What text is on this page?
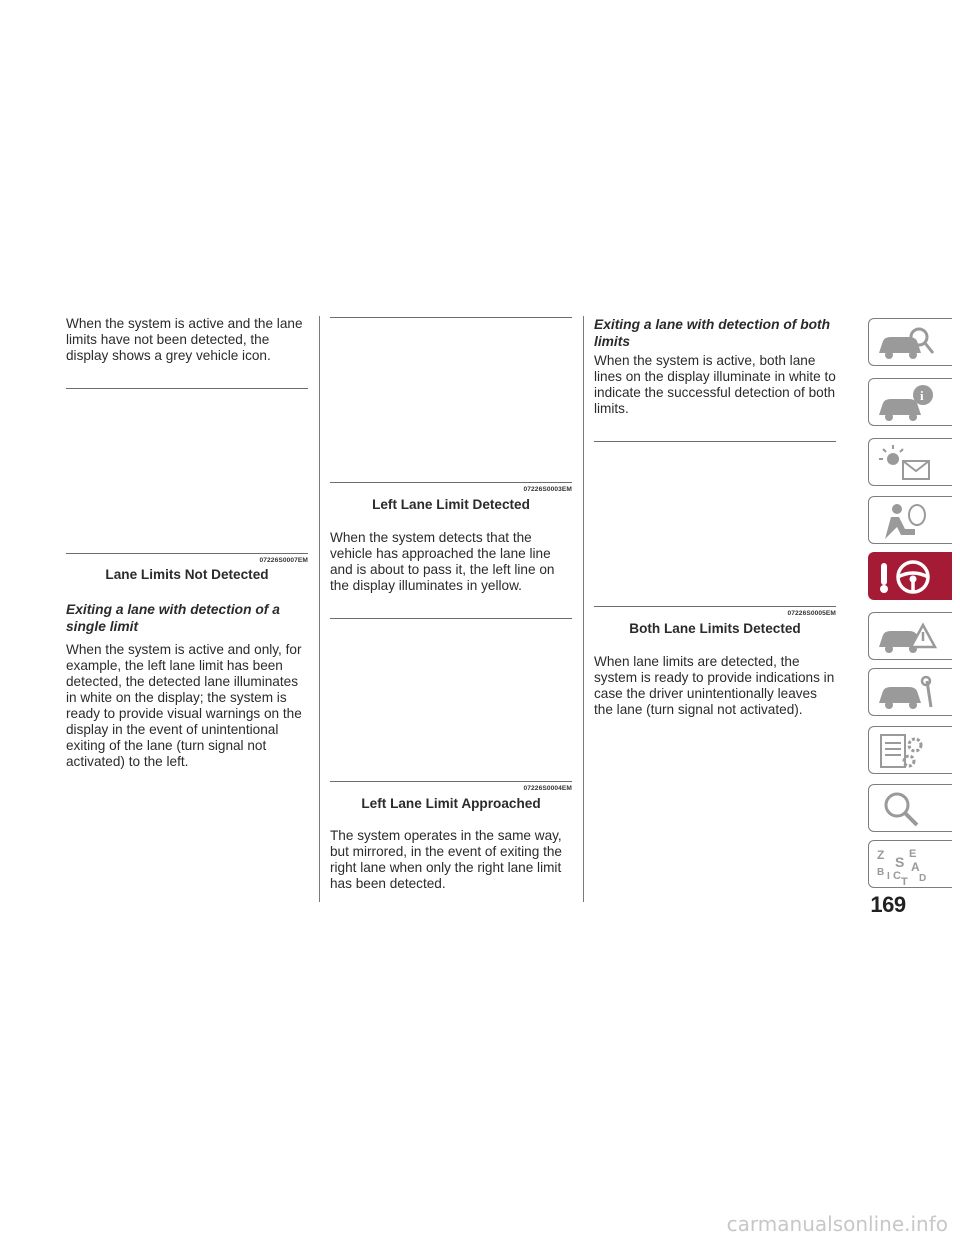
When the system is active and the lane limits have not been detected, the display shows a grey vehicle icon.

07226S0007EM
Lane Limits Not Detected

Exiting a lane with detection of a single limit

When the system is active and only, for example, the left lane limit has been detected, the detected lane illuminates in white on the display; the system is ready to provide visual warnings on the display in the event of unintentional exiting of the lane (turn signal not activated) to the left.

07226S0003EM
Left Lane Limit Detected

When the system detects that the vehicle has approached the lane line and is about to pass it, the left line on the display illuminates in yellow.

07226S0004EM
Left Lane Limit Approached

The system operates in the same way, but mirrored, in the event of exiting the right lane when only the right lane limit has been detected.

Exiting a lane with detection of both limits

When the system is active, both lane lines on the display illuminate in white to indicate the successful detection of both limits.

07226S0005EM
Both Lane Limits Detected

When lane limits are detected, the system is ready to provide indications in case the driver unintentionally leaves the lane (turn signal not activated).

i
Z E
S A
B I C D
T
169
carmanualsonline.info
